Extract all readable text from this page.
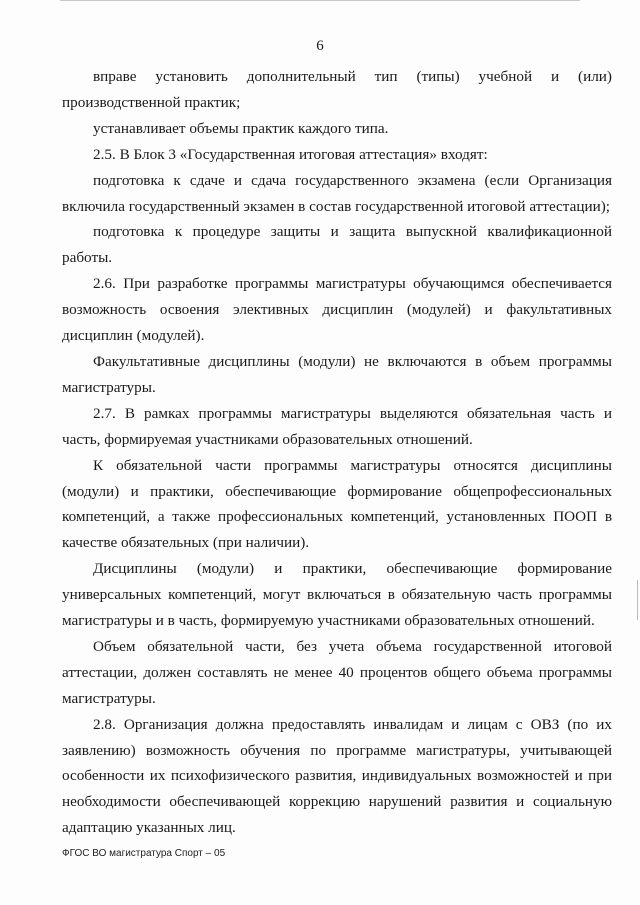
6

вправе установить дополнительный тип (типы) учебной и (или) производственной практик;

устанавливает объемы практик каждого типа.

2.5. В Блок 3 «Государственная итоговая аттестация» входят:

подготовка к сдаче и сдача государственного экзамена (если Организация включила государственный экзамен в состав государственной итоговой аттестации);

подготовка к процедуре защиты и защита выпускной квалификационной работы.

2.6. При разработке программы магистратуры обучающимся обеспечивается возможность освоения элективных дисциплин (модулей) и факультативных дисциплин (модулей).

Факультативные дисциплины (модули) не включаются в объем программы магистратуры.

2.7. В рамках программы магистратуры выделяются обязательная часть и часть, формируемая участниками образовательных отношений.

К обязательной части программы магистратуры относятся дисциплины (модули) и практики, обеспечивающие формирование общепрофессиональных компетенций, а также профессиональных компетенций, установленных ПООП в качестве обязательных (при наличии).

Дисциплины (модули) и практики, обеспечивающие формирование универсальных компетенций, могут включаться в обязательную часть программы магистратуры и в часть, формируемую участниками образовательных отношений.

Объем обязательной части, без учета объема государственной итоговой аттестации, должен составлять не менее 40 процентов общего объема программы магистратуры.

2.8. Организация должна предоставлять инвалидам и лицам с ОВЗ (по их заявлению) возможность обучения по программе магистратуры, учитывающей особенности их психофизического развития, индивидуальных возможностей и при необходимости обеспечивающей коррекцию нарушений развития и социальную адаптацию указанных лиц.

ФГОС ВО магистратура Спорт – 05
